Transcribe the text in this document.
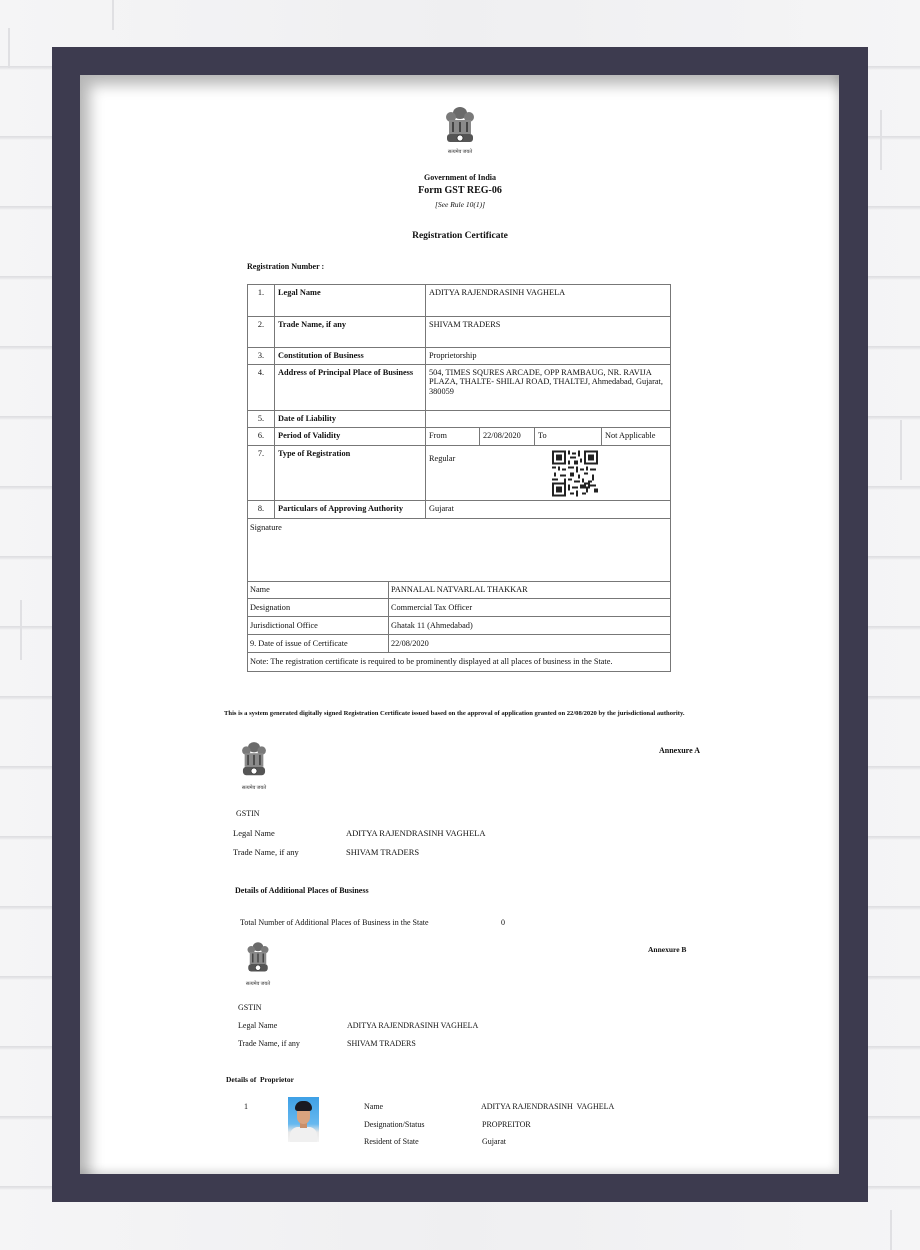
सत्यमेव जयते
Government of India
Form GST REG-06
[See Rule 10(1)]
Registration Certificate
Registration Number :
1.	Legal Name	ADITYA RAJENDRASINH VAGHELA			
2.	Trade Name, if any	SHIVAM TRADERS			
3.	Constitution of Business	Proprietorship			
4.	Address of Principal Place of Business	504, TIMES SQURES ARCADE, OPP RAMBAUG, NR. RAVIJA PLAZA, THALTE- SHILAJ ROAD, THALTEJ, Ahmedabad, Gujarat, 380059			
5.	Date of Liability				
6.	Period of Validity	From	22/08/2020	To	Not Applicable
7.	Type of Registration	Regular			
8.	Particulars of Approving Authority	Gujarat			
Signature	
Name	PANNALAL NATVARLAL THAKKAR
Designation	Commercial Tax Officer
Jurisdictional Office	Ghatak 11 (Ahmedabad)
9. Date of issue of Certificate	22/08/2020
Note: The registration certificate is required to be prominently displayed at all places of business in the State.	
This is a system generated digitally signed Registration Certificate issued based on the approval of application granted on 22/08/2020 by the jurisdictional authority.
सत्यमेव जयते
Annexure A
GSTIN
Legal Name	ADITYA RAJENDRASINH VAGHELA
Trade Name, if any	SHIVAM TRADERS
Details of Additional Places of Business
Total Number of Additional Places of Business in the State	0
सत्यमेव जयते
Annexure B
GSTIN
Legal Name	ADITYA RAJENDRASINH VAGHELA
Trade Name, if any	SHIVAM TRADERS
Details of  Proprietor
1	Name	ADITYA RAJENDRASINH  VAGHELA
Designation/Status	PROPREITOR
Resident of State	Gujarat
